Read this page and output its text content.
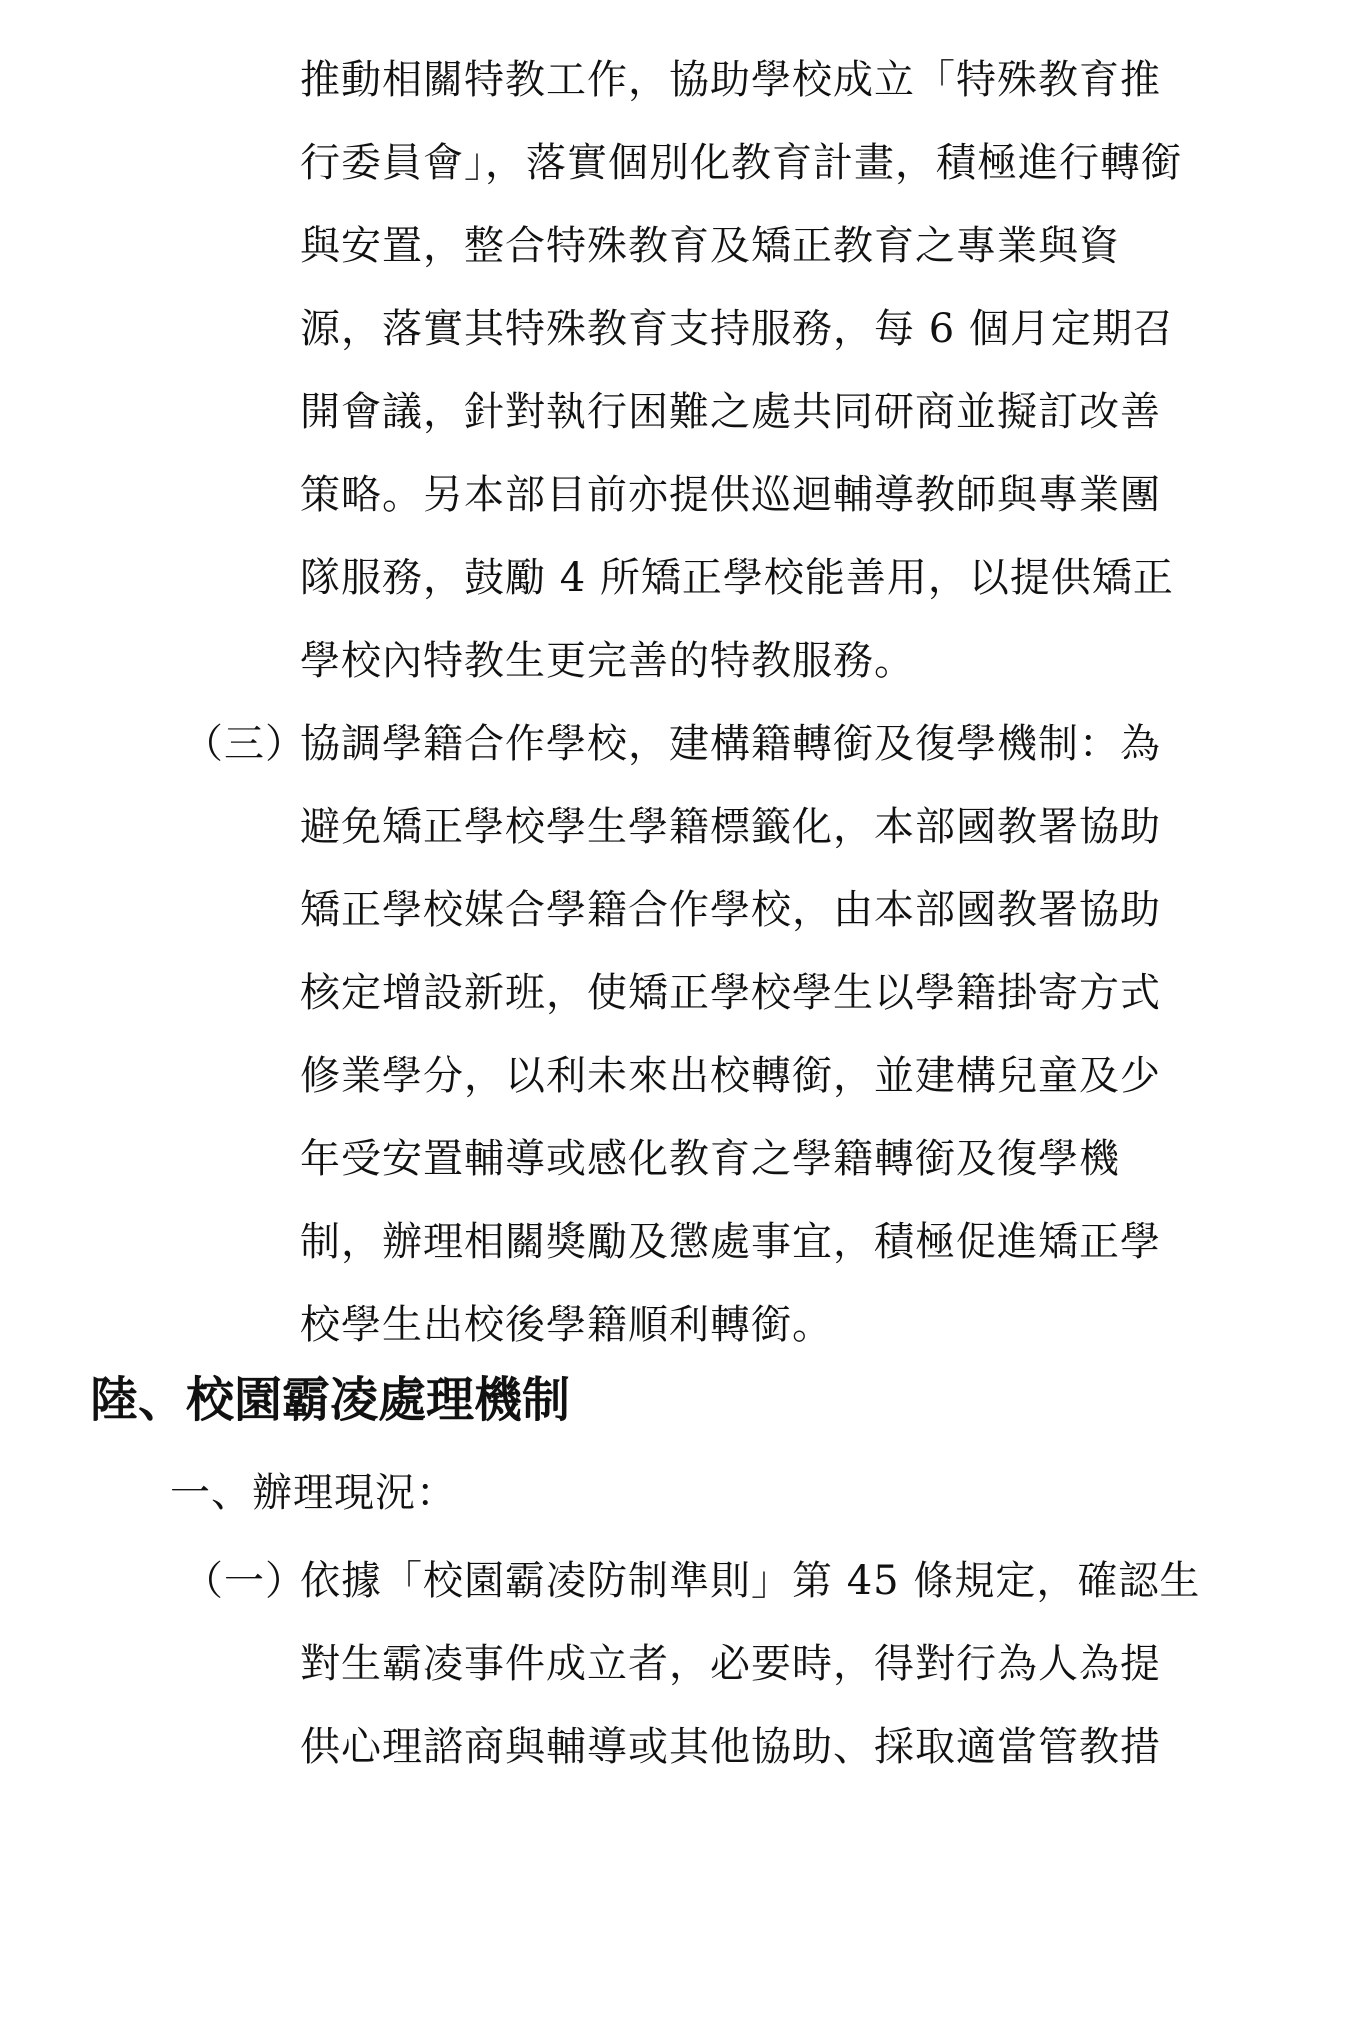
推動相關特教工作，協助學校成立「特殊教育推
行委員會」，落實個別化教育計畫，積極進行轉銜
與安置，整合特殊教育及矯正教育之專業與資
源，落實其特殊教育支持服務，每 6 個月定期召
開會議，針對執行困難之處共同研商並擬訂改善
策略。另本部目前亦提供巡迴輔導教師與專業團
隊服務，鼓勵 4 所矯正學校能善用，以提供矯正
學校內特教生更完善的特教服務。
（三）
協調學籍合作學校，建構籍轉銜及復學機制：為
避免矯正學校學生學籍標籤化，本部國教署協助
矯正學校媒合學籍合作學校，由本部國教署協助
核定增設新班，使矯正學校學生以學籍掛寄方式
修業學分，以利未來出校轉銜，並建構兒童及少
年受安置輔導或感化教育之學籍轉銜及復學機
制，辦理相關獎勵及懲處事宜，積極促進矯正學
校學生出校後學籍順利轉銜。
陸、校園霸凌處理機制
一、辦理現況：
（一）
依據「校園霸凌防制準則」第 45 條規定，確認生
對生霸凌事件成立者，必要時，得對行為人為提
供心理諮商與輔導或其他協助、採取適當管教措
